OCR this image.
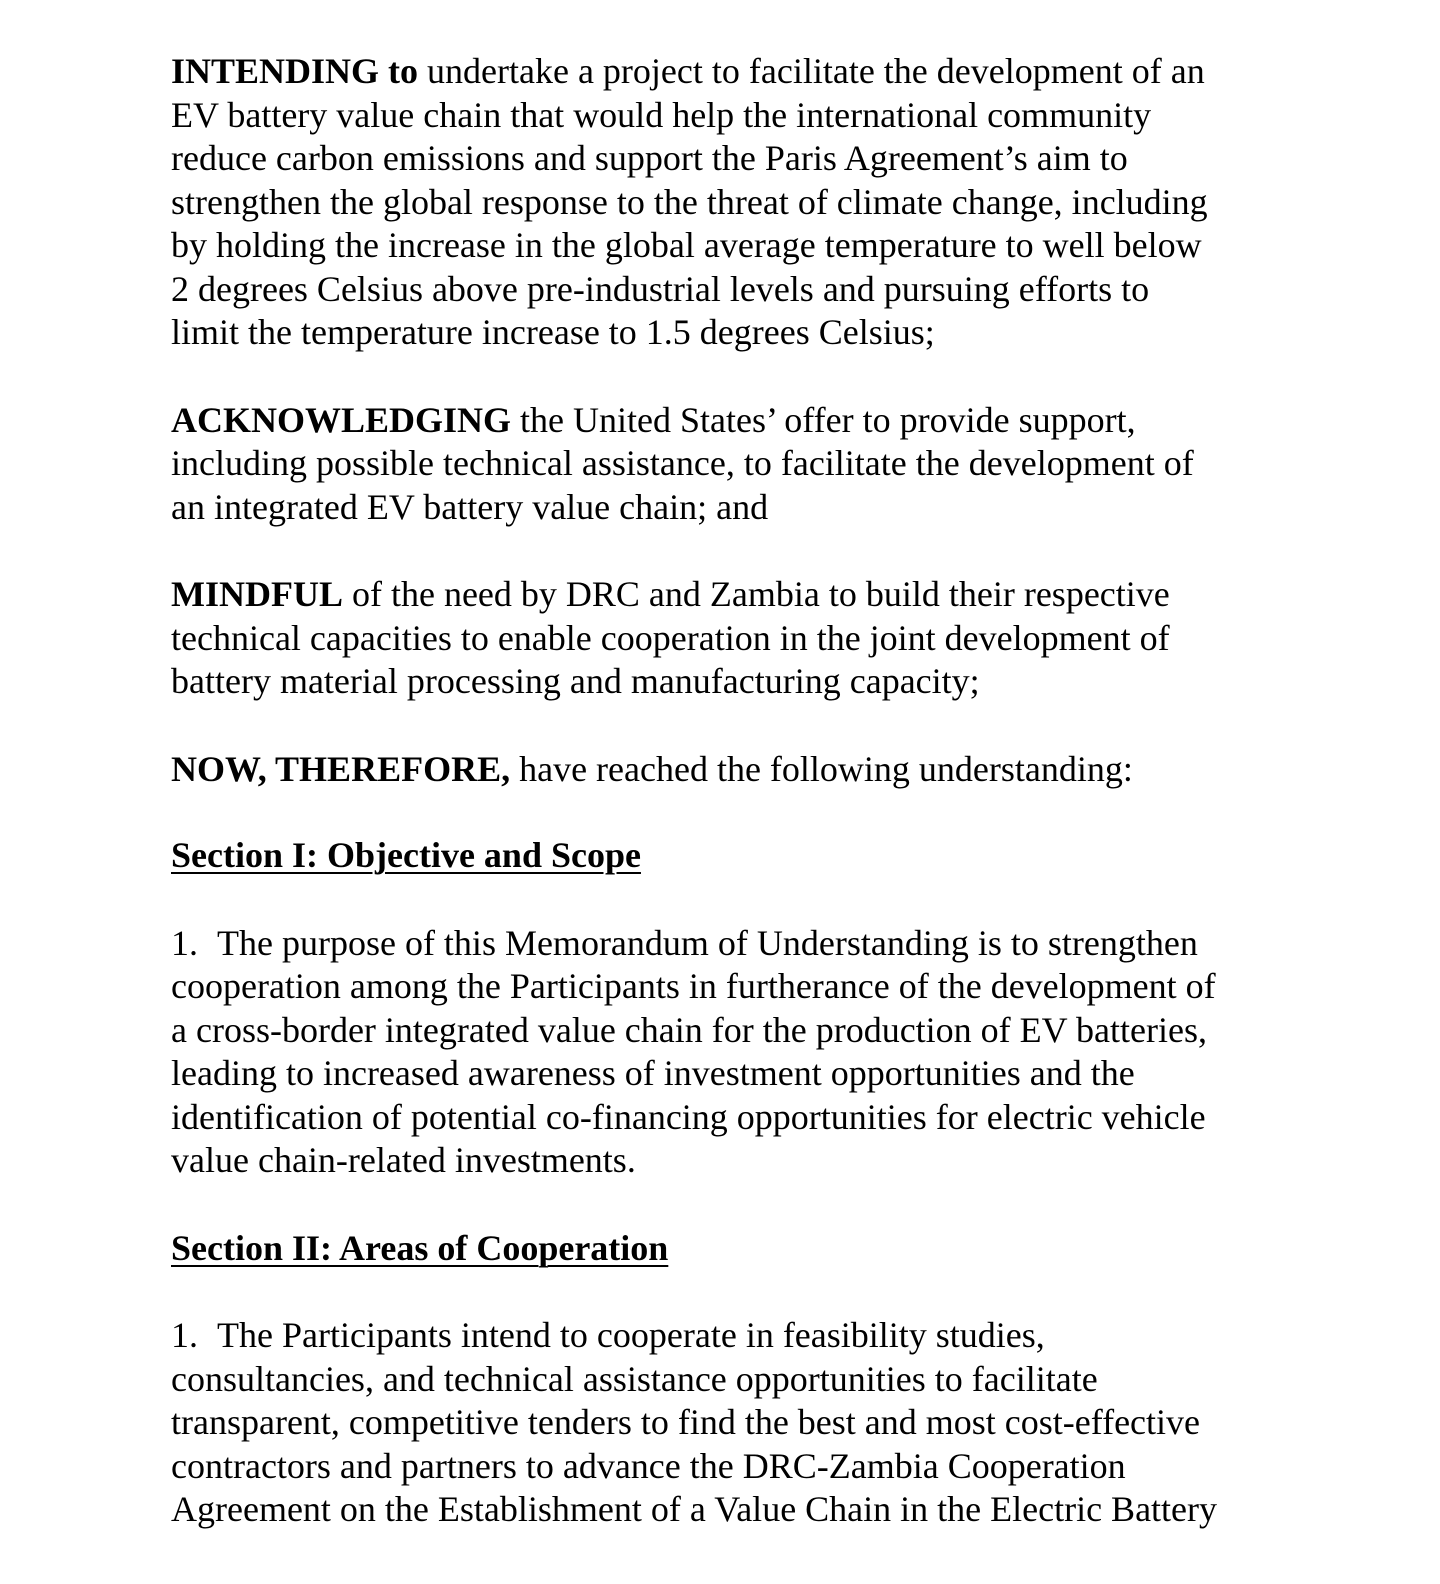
INTENDING to undertake a project to facilitate the development of an
EV battery value chain that would help the international community
reduce carbon emissions and support the Paris Agreement’s aim to
strengthen the global response to the threat of climate change, including
by holding the increase in the global average temperature to well below
2 degrees Celsius above pre-industrial levels and pursuing efforts to
limit the temperature increase to 1.5 degrees Celsius;
ACKNOWLEDGING the United States’ offer to provide support,
including possible technical assistance, to facilitate the development of
an integrated EV battery value chain; and
MINDFUL of the need by DRC and Zambia to build their respective
technical capacities to enable cooperation in the joint development of
battery material processing and manufacturing capacity;
NOW, THEREFORE, have reached the following understanding:
Section I: Objective and Scope
1. The purpose of this Memorandum of Understanding is to strengthen
cooperation among the Participants in furtherance of the development of
a cross-border integrated value chain for the production of EV batteries,
leading to increased awareness of investment opportunities and the
identification of potential co-financing opportunities for electric vehicle
value chain-related investments.
Section II: Areas of Cooperation
1. The Participants intend to cooperate in feasibility studies,
consultancies, and technical assistance opportunities to facilitate
transparent, competitive tenders to find the best and most cost-effective
contractors and partners to advance the DRC-Zambia Cooperation
Agreement on the Establishment of a Value Chain in the Electric Battery
